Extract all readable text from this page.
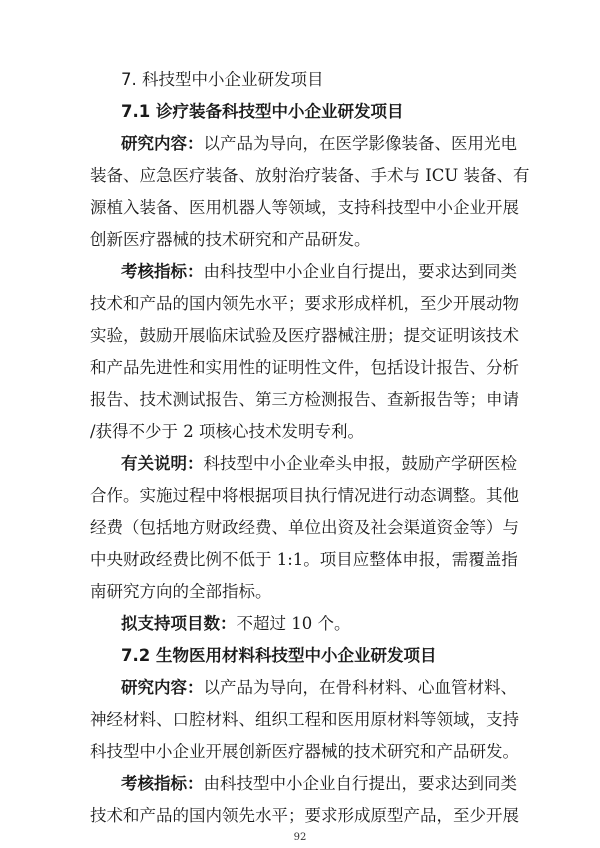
7. 科技型中小企业研发项目
7.1 诊疗装备科技型中小企业研发项目
研究内容：以产品为导向，在医学影像装备、医用光电
装备、应急医疗装备、放射治疗装备、手术与 ICU 装备、有
源植入装备、医用机器人等领域，支持科技型中小企业开展
创新医疗器械的技术研究和产品研发。
考核指标：由科技型中小企业自行提出，要求达到同类
技术和产品的国内领先水平；要求形成样机，至少开展动物
实验，鼓励开展临床试验及医疗器械注册；提交证明该技术
和产品先进性和实用性的证明性文件，包括设计报告、分析
报告、技术测试报告、第三方检测报告、查新报告等；申请
/获得不少于 2 项核心技术发明专利。
有关说明：科技型中小企业牵头申报，鼓励产学研医检
合作。实施过程中将根据项目执行情况进行动态调整。其他
经费（包括地方财政经费、单位出资及社会渠道资金等）与
中央财政经费比例不低于 1:1。项目应整体申报，需覆盖指
南研究方向的全部指标。
拟支持项目数：不超过 10 个。
7.2 生物医用材料科技型中小企业研发项目
研究内容：以产品为导向，在骨科材料、心血管材料、
神经材料、口腔材料、组织工程和医用原材料等领域，支持
科技型中小企业开展创新医疗器械的技术研究和产品研发。
考核指标：由科技型中小企业自行提出，要求达到同类
技术和产品的国内领先水平；要求形成原型产品，至少开展
92
